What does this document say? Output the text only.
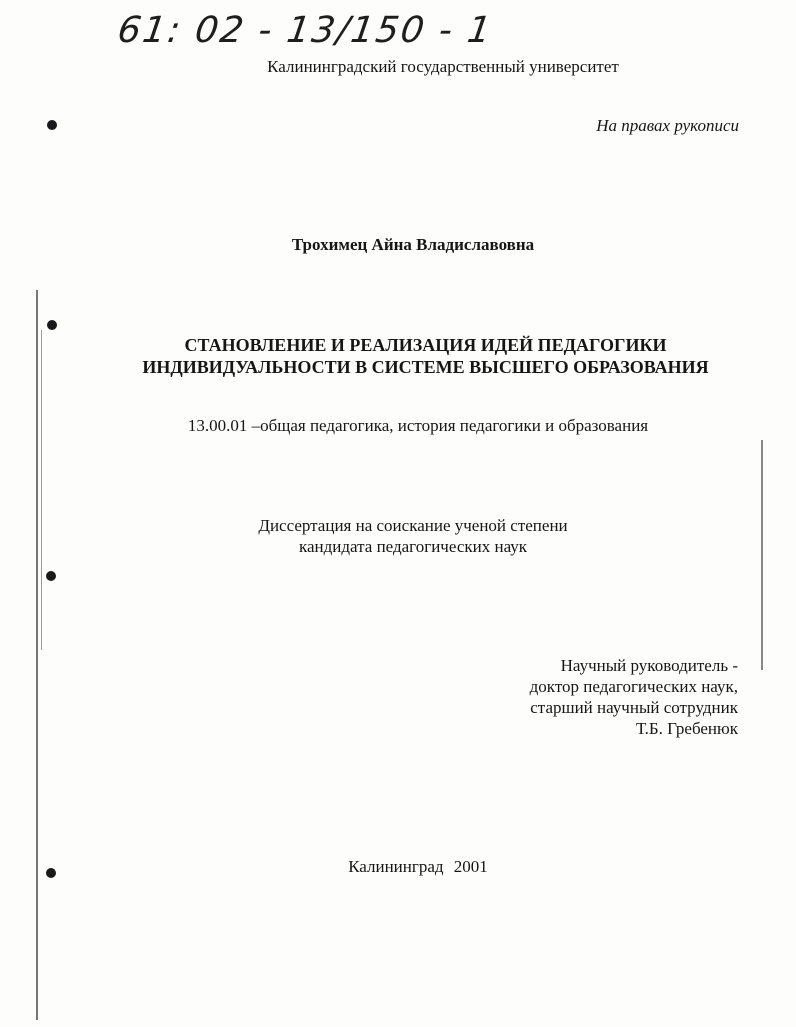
61: 02 - 13/150 - 1
Калининградский государственный университет
На правах рукописи
Трохимец Айна Владиславовна
СТАНОВЛЕНИЕ И РЕАЛИЗАЦИЯ ИДЕЙ ПЕДАГОГИКИ
ИНДИВИДУАЛЬНОСТИ В СИСТЕМЕ ВЫСШЕГО ОБРАЗОВАНИЯ
13.00.01 –общая педагогика, история педагогики и образования
Диссертация на соискание ученой степени
кандидата педагогических наук
Научный руководитель -
доктор педагогических наук,
старший научный сотрудник
Т.Б. Гребенюк
Калининград 2001
